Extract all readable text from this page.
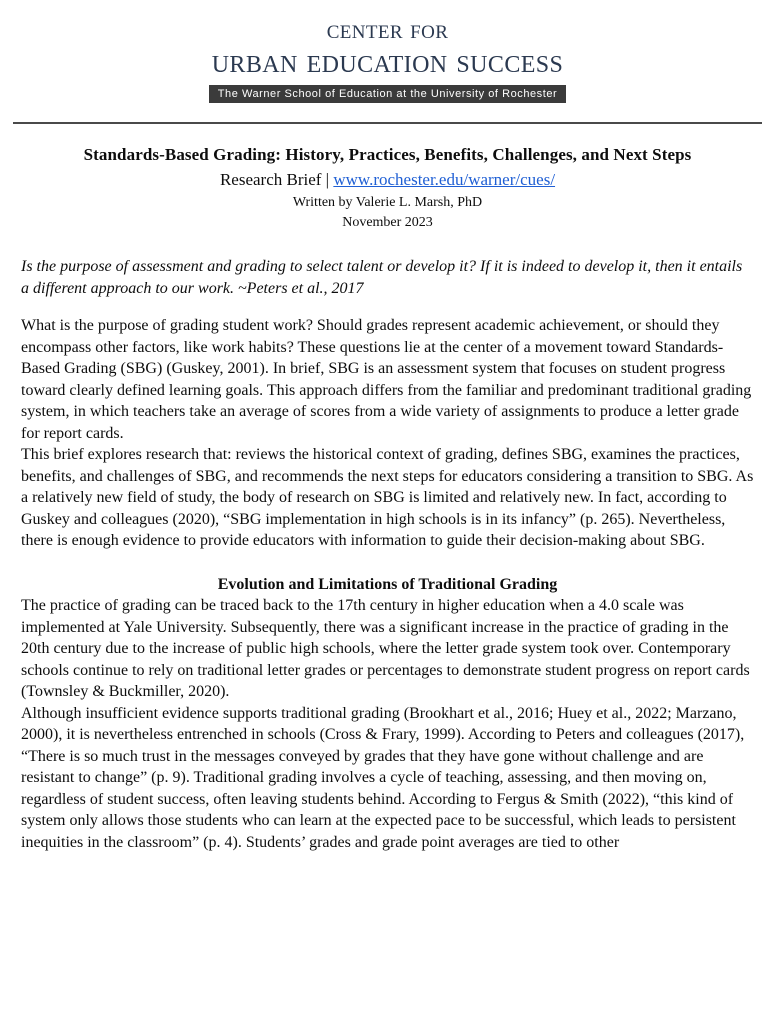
center for
urban education success
The Warner School of Education at the University of Rochester
Standards-Based Grading: History, Practices, Benefits, Challenges, and Next Steps
Research Brief | www.rochester.edu/warner/cues/
Written by Valerie L. Marsh, PhD
November 2023

Is the purpose of assessment and grading to select talent or develop it? If it is indeed to develop it, then it entails a different approach to our work. ~Peters et al., 2017

What is the purpose of grading student work? Should grades represent academic achievement, or should they encompass other factors, like work habits? These questions lie at the center of a movement toward Standards-Based Grading (SBG) (Guskey, 2001). In brief, SBG is an assessment system that focuses on student progress toward clearly defined learning goals. This approach differs from the familiar and predominant traditional grading system, in which teachers take an average of scores from a wide variety of assignments to produce a letter grade for report cards.

This brief explores research that: reviews the historical context of grading, defines SBG, examines the practices, benefits, and challenges of SBG, and recommends the next steps for educators considering a transition to SBG. As a relatively new field of study, the body of research on SBG is limited and relatively new. In fact, according to Guskey and colleagues (2020), “SBG implementation in high schools is in its infancy” (p. 265). Nevertheless, there is enough evidence to provide educators with information to guide their decision-making about SBG.

Evolution and Limitations of Traditional Grading

The practice of grading can be traced back to the 17th century in higher education when a 4.0 scale was implemented at Yale University. Subsequently, there was a significant increase in the practice of grading in the 20th century due to the increase of public high schools, where the letter grade system took over. Contemporary schools continue to rely on traditional letter grades or percentages to demonstrate student progress on report cards (Townsley & Buckmiller, 2020).

Although insufficient evidence supports traditional grading (Brookhart et al., 2016; Huey et al., 2022; Marzano, 2000), it is nevertheless entrenched in schools (Cross & Frary, 1999). According to Peters and colleagues (2017), “There is so much trust in the messages conveyed by grades that they have gone without challenge and are resistant to change” (p. 9). Traditional grading involves a cycle of teaching, assessing, and then moving on, regardless of student success, often leaving students behind. According to Fergus & Smith (2022), “this kind of system only allows those students who can learn at the expected pace to be successful, which leads to persistent inequities in the classroom” (p. 4). Students’ grades and grade point averages are tied to other
